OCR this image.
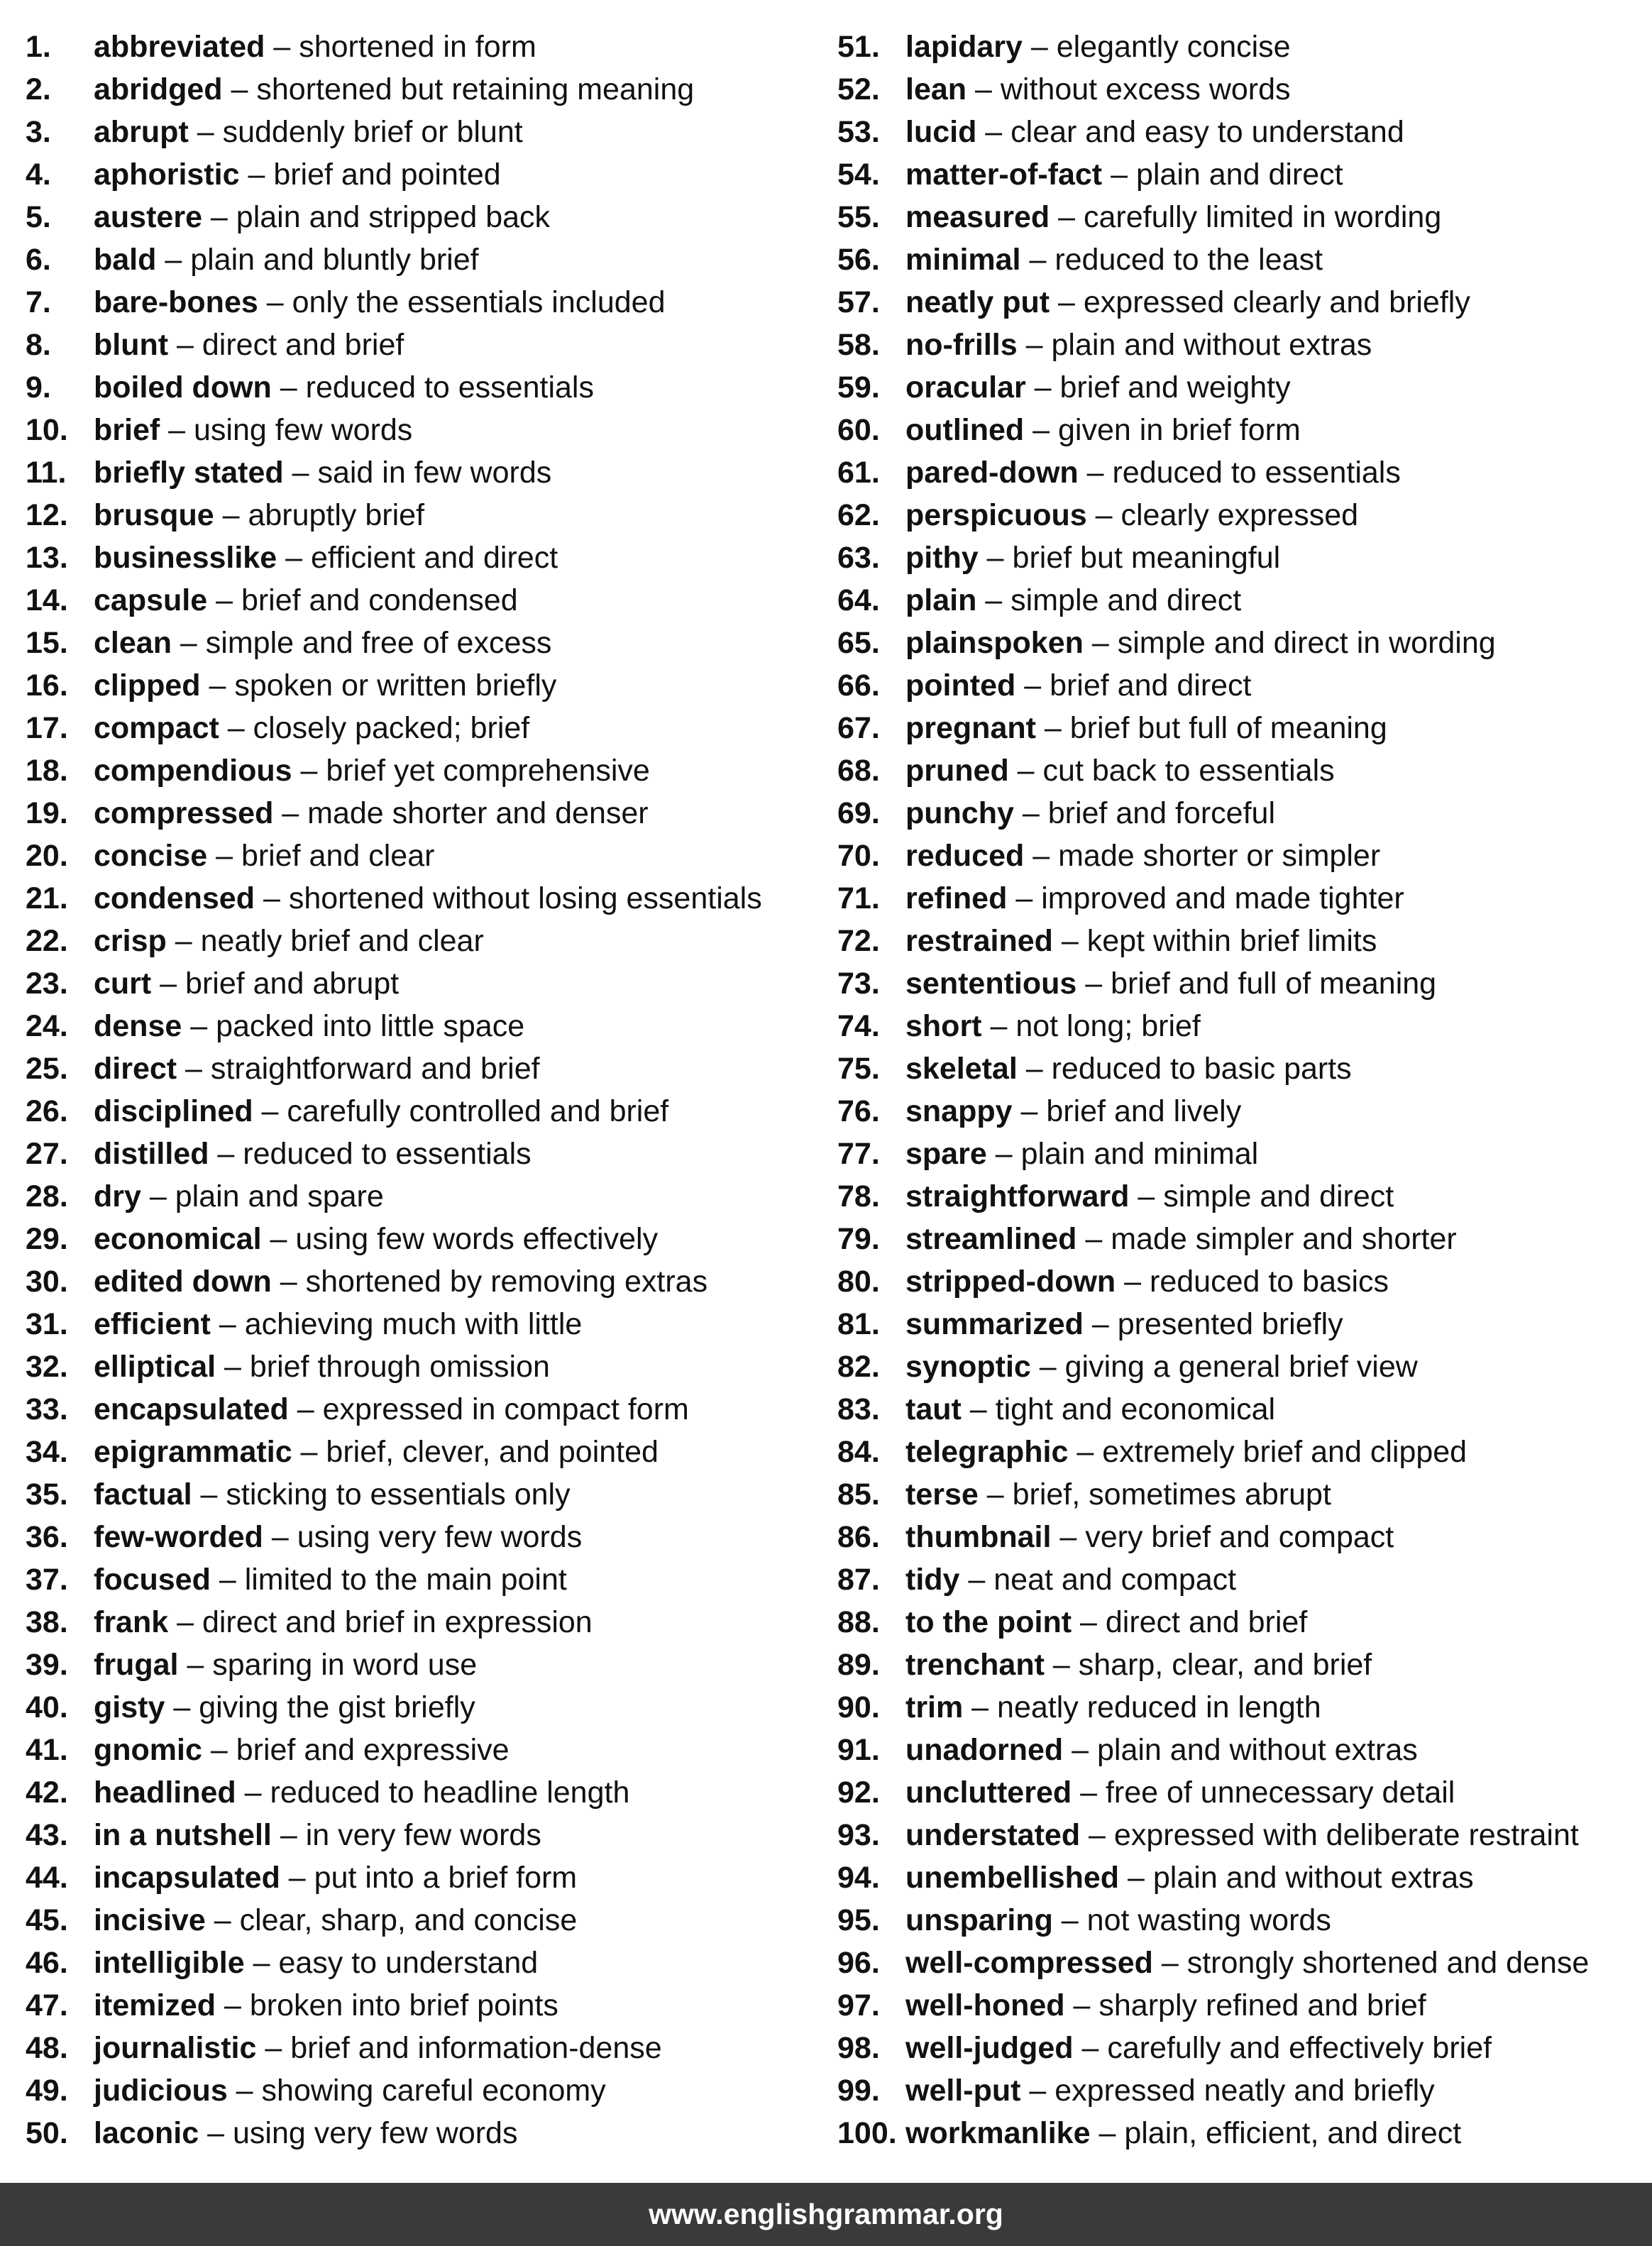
1.	abbreviated – shortened in form
2.	abridged – shortened but retaining meaning
3.	abrupt – suddenly brief or blunt
4.	aphoristic – brief and pointed
5.	austere – plain and stripped back
6.	bald – plain and bluntly brief
7.	bare-bones – only the essentials included
8.	blunt – direct and brief
9.	boiled down – reduced to essentials
10. brief – using few words
11. briefly stated – said in few words
12. brusque – abruptly brief
13. businesslike – efficient and direct
14. capsule – brief and condensed
15. clean – simple and free of excess
16. clipped – spoken or written briefly
17. compact – closely packed; brief
18. compendious – brief yet comprehensive
19. compressed – made shorter and denser
20. concise – brief and clear
21. condensed – shortened without losing essentials
22. crisp – neatly brief and clear
23. curt – brief and abrupt
24. dense – packed into little space
25. direct – straightforward and brief
26. disciplined – carefully controlled and brief
27. distilled – reduced to essentials
28. dry – plain and spare
29. economical – using few words effectively
30. edited down – shortened by removing extras
31. efficient – achieving much with little
32. elliptical – brief through omission
33. encapsulated – expressed in compact form
34. epigrammatic – brief, clever, and pointed
35. factual – sticking to essentials only
36. few-worded – using very few words
37. focused – limited to the main point
38. frank – direct and brief in expression
39. frugal – sparing in word use
40. gisty – giving the gist briefly
41. gnomic – brief and expressive
42. headlined – reduced to headline length
43. in a nutshell – in very few words
44. incapsulated – put into a brief form
45. incisive – clear, sharp, and concise
46. intelligible – easy to understand
47. itemized – broken into brief points
48. journalistic – brief and information-dense
49. judicious – showing careful economy
50. laconic – using very few words
51. lapidary – elegantly concise
52. lean – without excess words
53. lucid – clear and easy to understand
54. matter-of-fact – plain and direct
55. measured – carefully limited in wording
56. minimal – reduced to the least
57. neatly put – expressed clearly and briefly
58. no-frills – plain and without extras
59. oracular – brief and weighty
60. outlined – given in brief form
61. pared-down – reduced to essentials
62. perspicuous – clearly expressed
63. pithy – brief but meaningful
64. plain – simple and direct
65. plainspoken – simple and direct in wording
66. pointed – brief and direct
67. pregnant – brief but full of meaning
68. pruned – cut back to essentials
69. punchy – brief and forceful
70. reduced – made shorter or simpler
71. refined – improved and made tighter
72. restrained – kept within brief limits
73. sententious – brief and full of meaning
74. short – not long; brief
75. skeletal – reduced to basic parts
76. snappy – brief and lively
77. spare – plain and minimal
78. straightforward – simple and direct
79. streamlined – made simpler and shorter
80. stripped-down – reduced to basics
81. summarized – presented briefly
82. synoptic – giving a general brief view
83. taut – tight and economical
84. telegraphic – extremely brief and clipped
85. terse – brief, sometimes abrupt
86. thumbnail – very brief and compact
87. tidy – neat and compact
88. to the point – direct and brief
89. trenchant – sharp, clear, and brief
90. trim – neatly reduced in length
91. unadorned – plain and without extras
92. uncluttered – free of unnecessary detail
93. understated – expressed with deliberate restraint
94. unembellished – plain and without extras
95. unsparing – not wasting words
96. well-compressed – strongly shortened and dense
97. well-honed – sharply refined and brief
98. well-judged – carefully and effectively brief
99. well-put – expressed neatly and briefly
100. workmanlike – plain, efficient, and direct
www.englishgrammar.org
